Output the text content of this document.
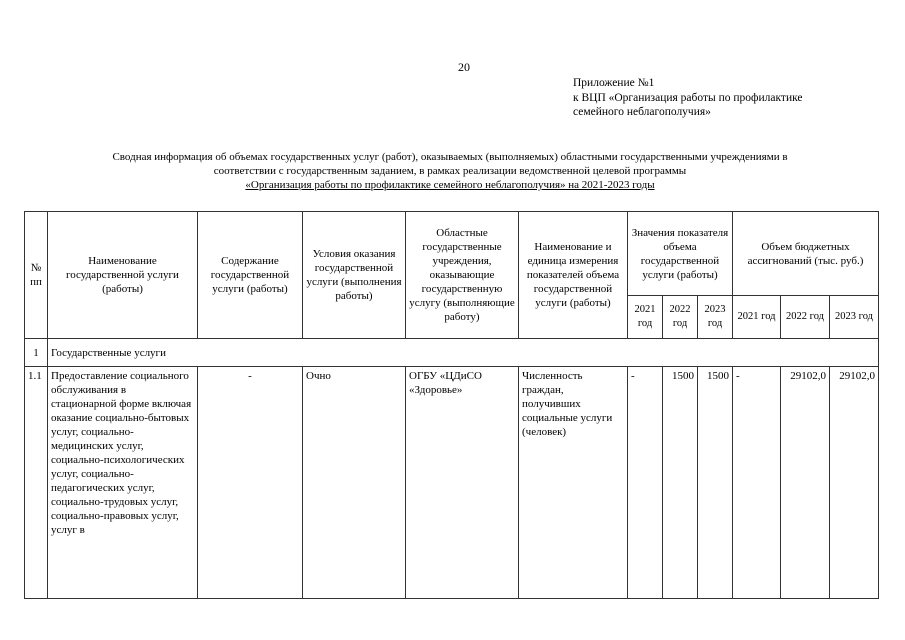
20
Приложение №1
к ВЦП «Организация работы по профилактике
семейного неблагополучия»
Сводная информация об объемах государственных услуг (работ), оказываемых (выполняемых) областными государственными учреждениями в
соответствии с государственным заданием, в рамках реализации ведомственной целевой программы
«Организация работы по профилактике семейного неблагополучия» на 2021-2023 годы
№ пп	Наименование государственной услуги (работы)	Содержание государственной услуги (работы)	Условия оказания государственной услуги (выполнения работы)	Областные государственные учреждения, оказывающие государственную услугу (выполняющие работу)	Наименование и единица измерения показателей объема государственной услуги (работы)	Значения показателя объема государственной услуги (работы)			Объем бюджетных ассигнований (тыс. руб.)		
						2021 год	2022 год	2023 год	2021 год	2022 год	2023 год
1	Государственные услуги										
1.1	Предоставление социального обслуживания в стационарной форме включая оказание социально-бытовых услуг, социально-медицинских услуг, социально-психологических услуг, социально-педагогических услуг, социально-трудовых услуг, социально-правовых услуг, услуг в	-	Очно	ОГБУ «ЦДиСО «Здоровье»	Численность граждан, получивших социальные услуги (человек)	-	1500	1500	-	29102,0	29102,0
